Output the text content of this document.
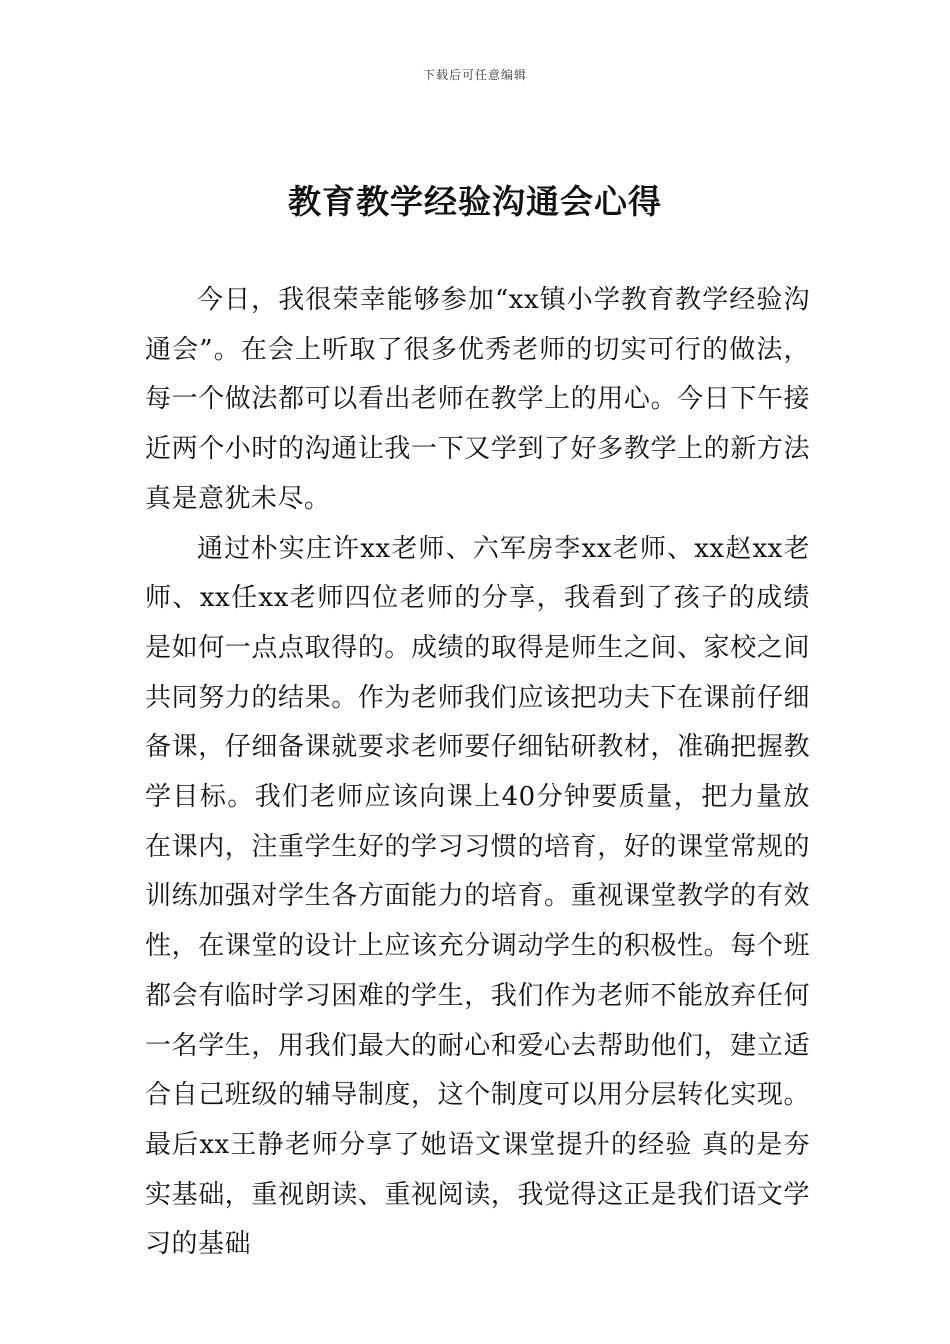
下载后可任意编辑
教育教学经验沟通会心得

今日，我很荣幸能够参加“xx镇小学教育教学经验沟通会”。在会上听取了很多优秀老师的切实可行的做法，每一个做法都可以看出老师在教学上的用心。今日下午接近两个小时的沟通让我一下又学到了好多教学上的新方法真是意犹未尽。

通过朴实庄许xx老师、六军房李xx老师、xx赵xx老师、xx任xx老师四位老师的分享，我看到了孩子的成绩是如何一点点取得的。成绩的取得是师生之间、家校之间共同努力的结果。作为老师我们应该把功夫下在课前仔细备课，仔细备课就要求老师要仔细钻研教材，准确把握教学目标。我们老师应该向课上40分钟要质量，把力量放在课内，注重学生好的学习习惯的培育，好的课堂常规的训练加强对学生各方面能力的培育。重视课堂教学的有效性，在课堂的设计上应该充分调动学生的积极性。每个班都会有临时学习困难的学生，我们作为老师不能放弃任何一名学生，用我们最大的耐心和爱心去帮助他们，建立适合自己班级的辅导制度，这个制度可以用分层转化实现。最后xx王静老师分享了她语文课堂提升的经验 真的是夯实基础，重视朗读、重视阅读，我觉得这正是我们语文学习的基础
